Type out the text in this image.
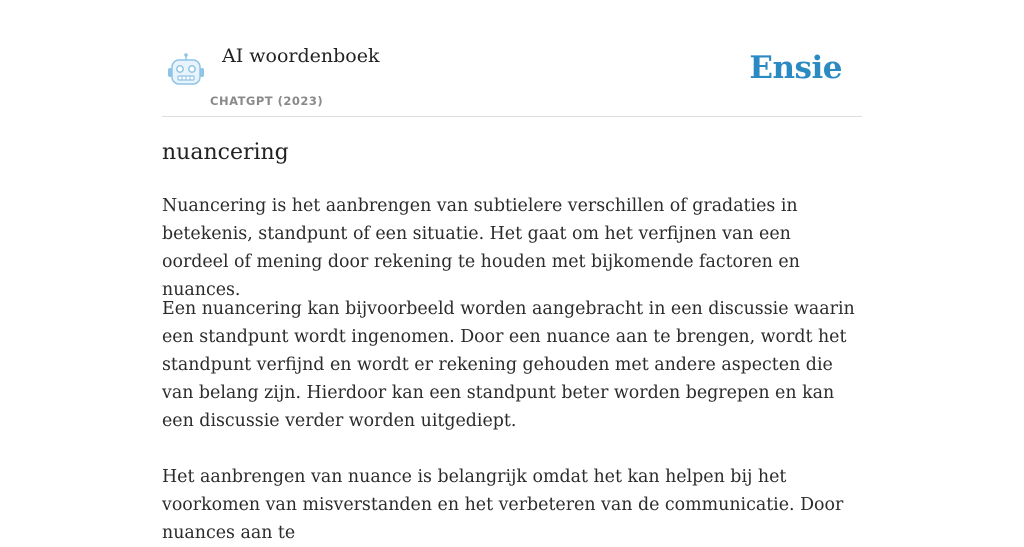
AI woordenboek
CHATGPT (2023)
Ensie
nuancering

Nuancering is het aanbrengen van subtielere verschillen of gradaties in betekenis, standpunt of een situatie. Het gaat om het verfijnen van een oordeel of mening door rekening te houden met bijkomende factoren en nuances.

Een nuancering kan bijvoorbeeld worden aangebracht in een discussie waarin een standpunt wordt ingenomen. Door een nuance aan te brengen, wordt het standpunt verfijnd en wordt er rekening gehouden met andere aspecten die van belang zijn. Hierdoor kan een standpunt beter worden begrepen en kan een discussie verder worden uitgediept.

Het aanbrengen van nuance is belangrijk omdat het kan helpen bij het voorkomen van misverstanden en het verbeteren van de communicatie. Door nuances aan te
